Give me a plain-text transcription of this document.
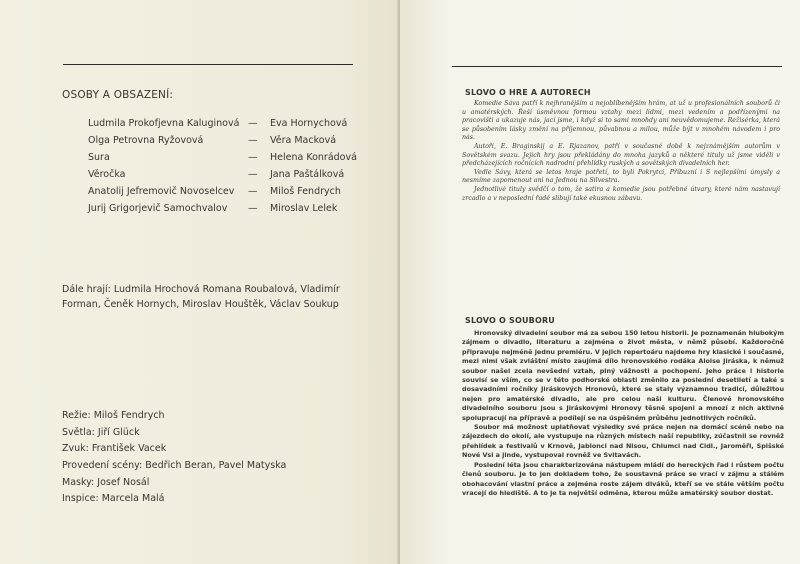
OSOBY A OBSAZENÍ:
Ludmila Prokofjevna Kaluginová — Eva Hornychová
Olga Petrovna Ryžovová	— Věra Macková
Sura	— Helena Konrádová
Věročka	— Jana Paštálková
Anatolij Jefremovič Novoselcev — Miloš Fendrych
Jurij Grigorjevič Samochvalov — Miroslav Lelek
Dále hrají: Ludmila Hrochová Romana Roubalová, Vladimír Forman, Čeněk Hornych, Miroslav Houštěk, Václav Soukup
Režie: Miloš Fendrych
Světla: Jiří Glück
Zvuk: František Vacek
Provedení scény: Bedřich Beran, Pavel Matyska
Masky: Josef Nosál
Inspice: Marcela Malá
SLOVO O HRE A AUTORECH

Komedie Sáva patří k nejhranějším a nejoblíbenějším hrám, at už u profesionálních souborů či u amatérských. Řeší úsměvnou formou vztahy mezi lidmi, mezi vedením a podřízenými na pracovišti a ukazuje nás, jací jsme, i když si to sami mnohdy ani neuvědomujeme. Režisérka, která se působením lásky změní na příjemnou, půvabnou a milou, může být v mnohém návodem i pro nás.

Autoři, E. Braginskij a E. Rjazanov, patří v současné době k nejznámějším autorům v Sovětském svazu. Jejich hry jsou překládány do mnoha jazyků a některé tituly už jsme viděli v předcházejících ročnících nadrodní přehlídky ruských a sovětských divadelních her.

Vedle Sávy, která se letos hraje potřetí, to byli Pokrytci, Příbuzní i S nejlepšími úmysly a nesmíme zapomenout ani na Jednou na Silvestra.

Jednotlivé tituly svědčí o tom, že satira a komedie jsou potřebné útvary, které nám nastavují zrcadlo a v neposlední řadě slibují také ekusnou zábavu.

SLOVO O SOUBORU

Hronovský divadelní soubor má za sebou 150 letou historii. Je poznamenán hlubokým zájmem o divadlo, literaturu a zejména o život města, v němž působí. Každoročně připravuje nejméně jednu premiéru. V jejich repertoáru najdeme hry klasické i současné, mezi nimi však zvláštní místo zaujímá dílo hronovského rodáka Aloise Jiráska, k němuž soubor našel zcela nevšední vztah, plný vážnosti a pochopení. Jeho práce i historie souvisí se vším, co se v této podhorské oblasti změnilo za poslední desetiletí a také s dosavadními ročníky Jiráskových Hronovů, které se staly významnou tradicí, důležitou nejen pro amatérské divadlo, ale pro celou naši kulturu. Členové hronovského divadelního souboru jsou s Jiráskovými Hronovy těsně spojeni a mnozí z nich aktivně spolupracují na přípravě a podílejí se na úspěšném průběhu jednotlivých ročníků.

Soubor má možnost uplatňovat výsledky své práce nejen na domácí scéně nebo na zájezdech do okolí, ale vystupuje na různých místech naší republiky, zúčastnil se rovněž přehlídek a festivalů v Krnově, Jablonci nad Nisou, Chlumci nad Cidl., Jaroměři, Spišské Nové Vsi a jinde, vystupoval rovněž ve Svitavách.

Poslední léta jsou charakterizována nástupem mládí do hereckých řad i růstem počtu členů souboru. Je to jen dokladem toho, že soustavná práce se vrací v zájmu a stálém obohacování vlastní práce a zejména roste zájem diváků, kteří se ve stále větším počtu vracejí do hlediště. A to je ta největší odměna, kterou může amatérský soubor dostat.
